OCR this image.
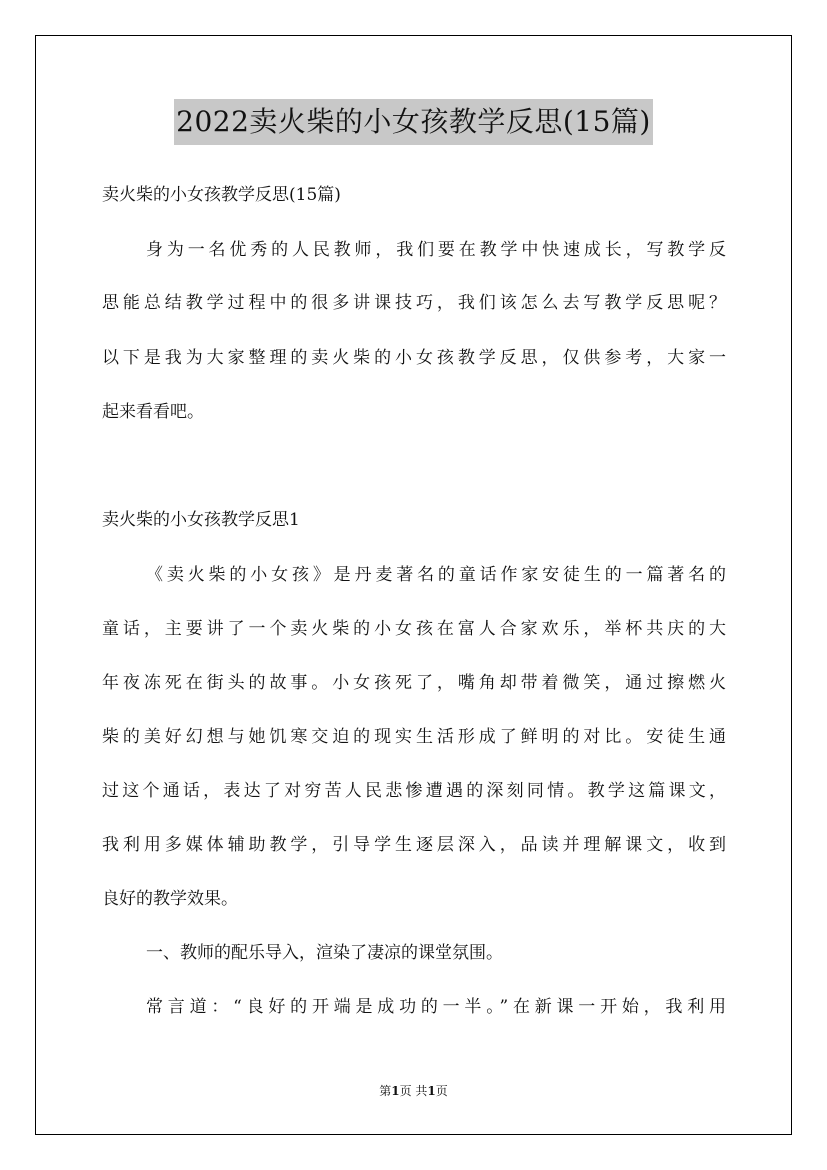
2022卖火柴的小女孩教学反思(15篇)
卖火柴的小女孩教学反思(15篇)
身为一名优秀的人民教师，我们要在教学中快速成长，写教学反
思能总结教学过程中的很多讲课技巧，我们该怎么去写教学反思呢？
以下是我为大家整理的卖火柴的小女孩教学反思，仅供参考，大家一
起来看看吧。
卖火柴的小女孩教学反思1
《卖火柴的小女孩》是丹麦著名的童话作家安徒生的一篇著名的
童话，主要讲了一个卖火柴的小女孩在富人合家欢乐，举杯共庆的大
年夜冻死在街头的故事。小女孩死了，嘴角却带着微笑，通过擦燃火
柴的美好幻想与她饥寒交迫的现实生活形成了鲜明的对比。安徒生通
过这个通话，表达了对穷苦人民悲惨遭遇的深刻同情。教学这篇课文，
我利用多媒体辅助教学，引导学生逐层深入，品读并理解课文，收到
良好的教学效果。
一、教师的配乐导入，渲染了凄凉的课堂氛围。
常言道：“良好的开端是成功的一半。”在新课一开始，我利用
第1页 共1页
